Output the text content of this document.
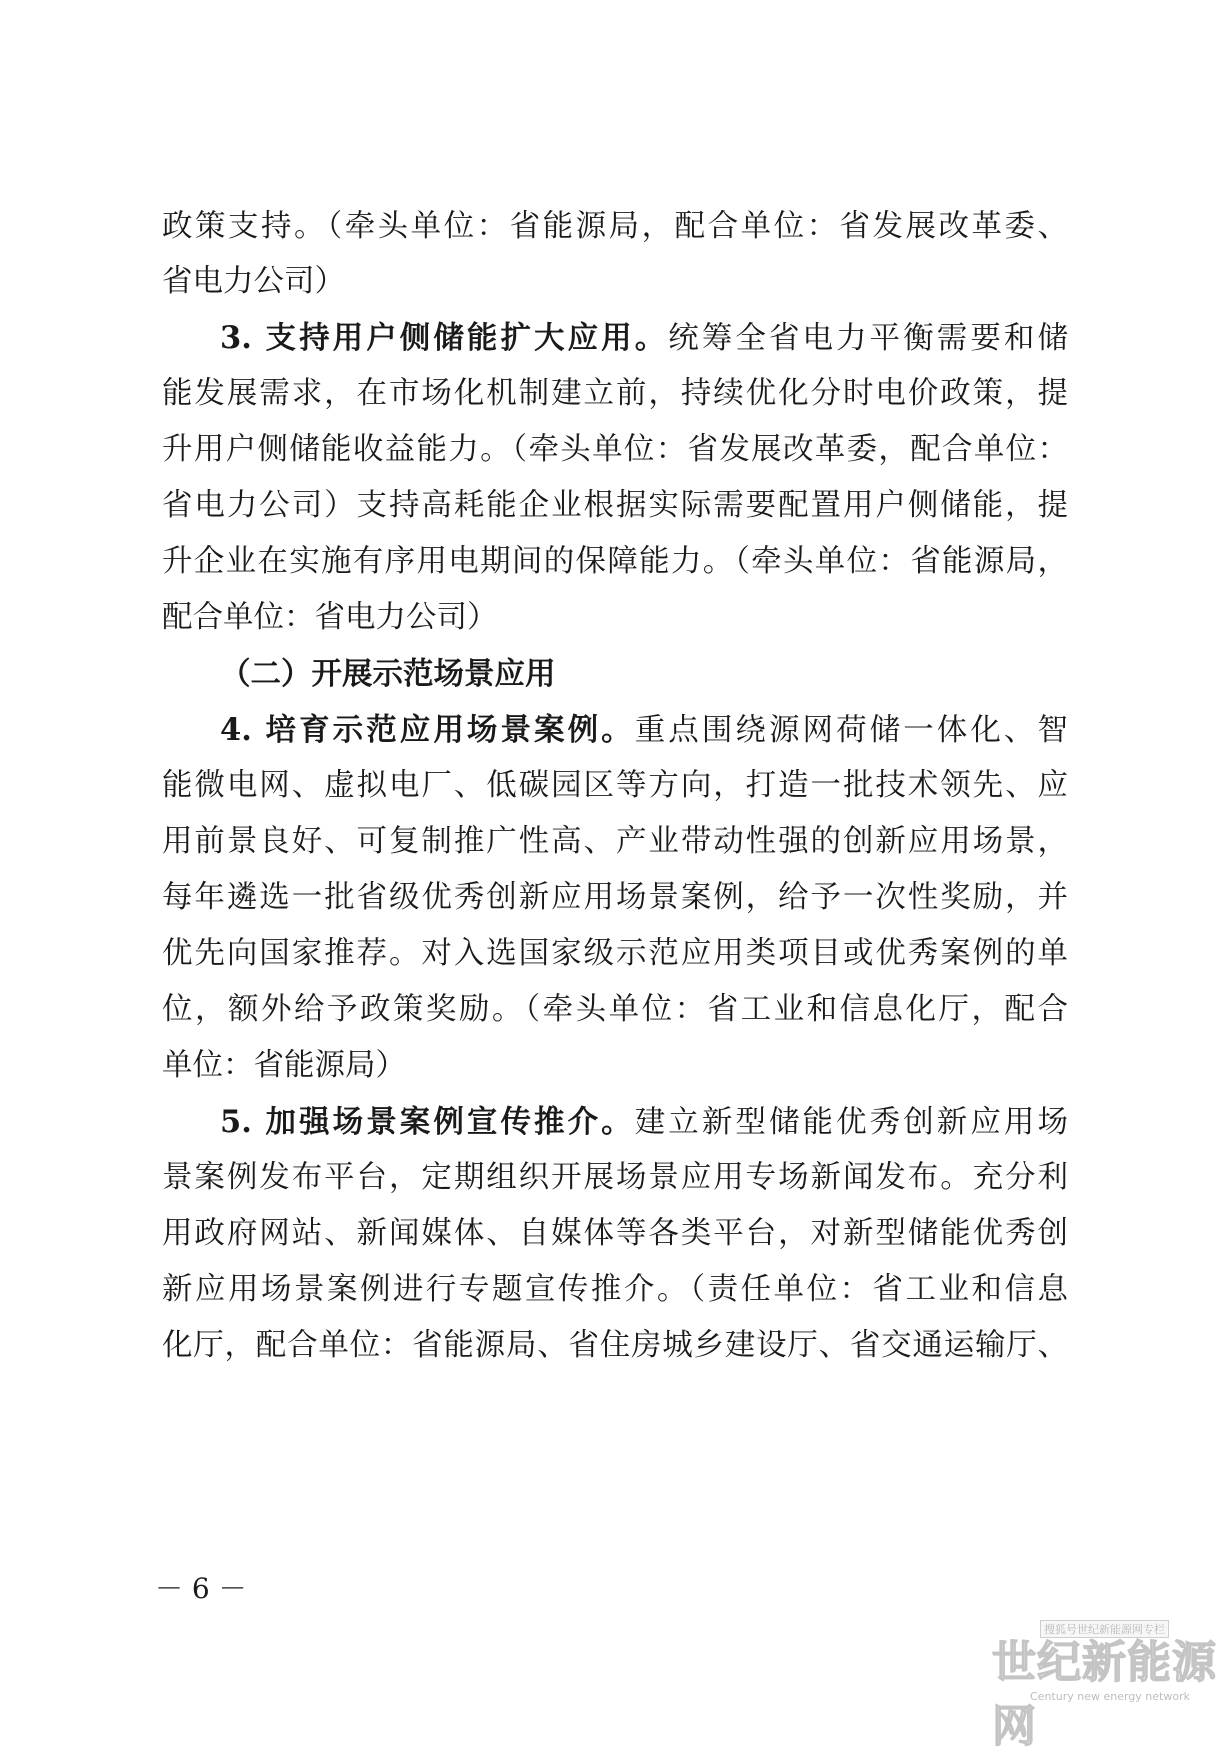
政策支持。（牵头单位：省能源局，配合单位：省发展改革委、
省电力公司）
3. 支持用户侧储能扩大应用。统筹全省电力平衡需要和储
能发展需求，在市场化机制建立前，持续优化分时电价政策，提
升用户侧储能收益能力。（牵头单位：省发展改革委，配合单位：
省电力公司）支持高耗能企业根据实际需要配置用户侧储能，提
升企业在实施有序用电期间的保障能力。（牵头单位：省能源局，
配合单位：省电力公司）
（二）开展示范场景应用
4. 培育示范应用场景案例。重点围绕源网荷储一体化、智
能微电网、虚拟电厂、低碳园区等方向，打造一批技术领先、应
用前景良好、可复制推广性高、产业带动性强的创新应用场景，
每年遴选一批省级优秀创新应用场景案例，给予一次性奖励，并
优先向国家推荐。对入选国家级示范应用类项目或优秀案例的单
位，额外给予政策奖励。（牵头单位：省工业和信息化厅，配合
单位：省能源局）
5. 加强场景案例宣传推介。建立新型储能优秀创新应用场
景案例发布平台，定期组织开展场景应用专场新闻发布。充分利
用政府网站、新闻媒体、自媒体等各类平台，对新型储能优秀创
新应用场景案例进行专题宣传推介。（责任单位：省工业和信息
化厅，配合单位：省能源局、省住房城乡建设厅、省交通运输厅、
－ 6 －
搜狐号世纪新能源网专栏
世纪新能源网
Century new energy network
